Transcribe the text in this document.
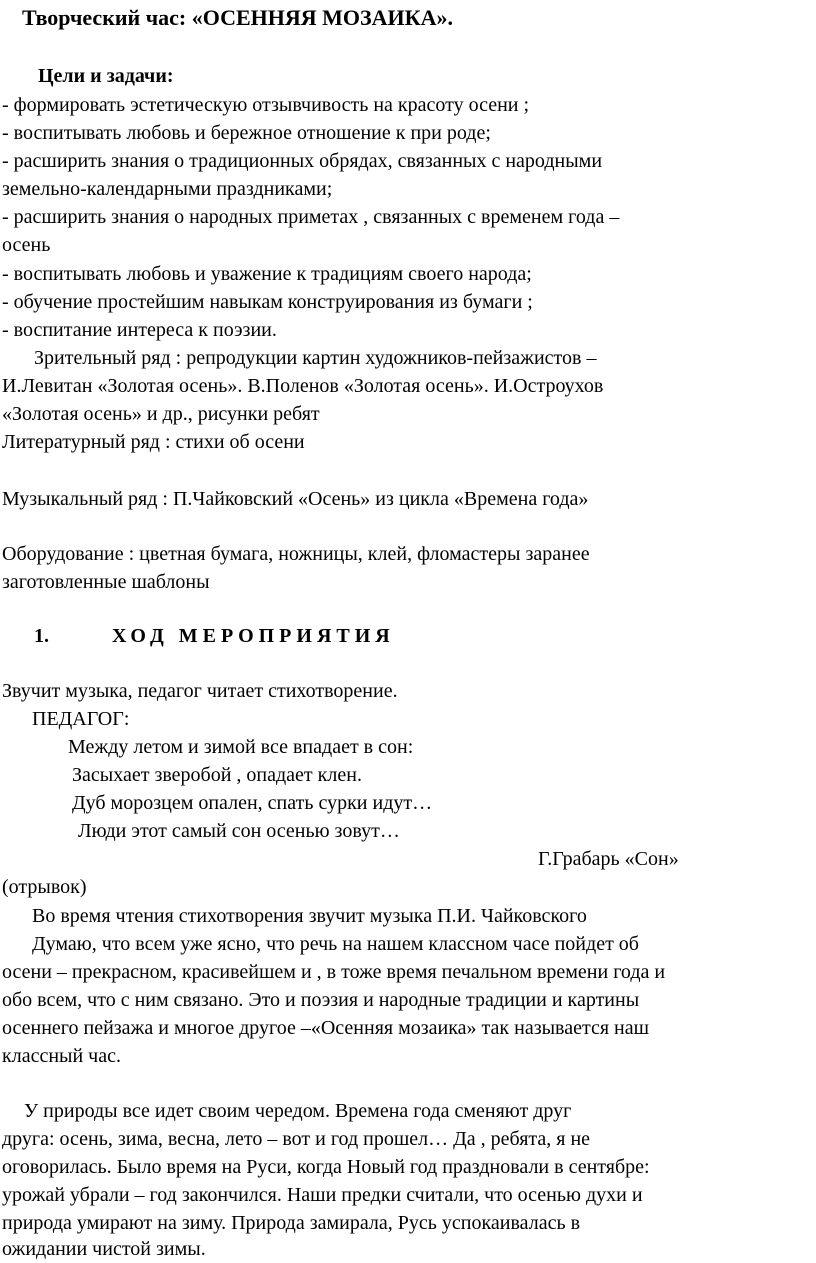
Творческий час: «ОСЕННЯЯ МОЗАИКА».
Цели и задачи:
- формировать эстетическую отзывчивость на красоту осени ;
- воспитывать любовь и бережное отношение к при роде;
- расширить знания о традиционных обрядах, связанных с народными
земельно-календарными праздниками;
- расширить знания о народных приметах , связанных с временем года –
осень
- воспитывать любовь и уважение к традициям своего народа;
- обучение простейшим навыкам конструирования из бумаги ;
- воспитание интереса к поэзии.
Зрительный ряд : репродукции картин художников-пейзажистов –
И.Левитан «Золотая осень». В.Поленов «Золотая осень». И.Остроухов
«Золотая осень» и др., рисунки ребят
Литературный ряд : стихи об осени
Музыкальный ряд : П.Чайковский «Осень» из цикла «Времена года»
Оборудование : цветная бумага, ножницы, клей, фломастеры заранее
заготовленные шаблоны
1.	ХОД МЕРОПРИЯТИЯ
Звучит музыка, педагог читает стихотворение.
ПЕДАГОГ:
Между летом и зимой все впадает в сон:
Засыхает зверобой , опадает клен.
Дуб морозцем опален, спать сурки идут…
Люди этот самый сон осенью зовут…
Г.Грабарь «Сон»
(отрывок)
Во время чтения стихотворения звучит музыка П.И. Чайковского
Думаю, что всем уже ясно, что речь на нашем классном часе пойдет об
осени – прекрасном, красивейшем и , в тоже время печальном времени года и
обо всем, что с ним связано. Это и поэзия и народные традиции и картины
осеннего пейзажа и многое другое –«Осенняя мозаика» так называется наш
классный час.
У природы все идет своим чередом. Времена года сменяют друг
друга: осень, зима, весна, лето – вот и год прошел… Да , ребята, я не
оговорилась. Было время на Руси, когда Новый год праздновали в сентябре:
урожай убрали – год закончился. Наши предки считали, что осенью духи и
природа умирают на зиму. Природа замирала, Русь успокаивалась в
ожидании чистой зимы.
